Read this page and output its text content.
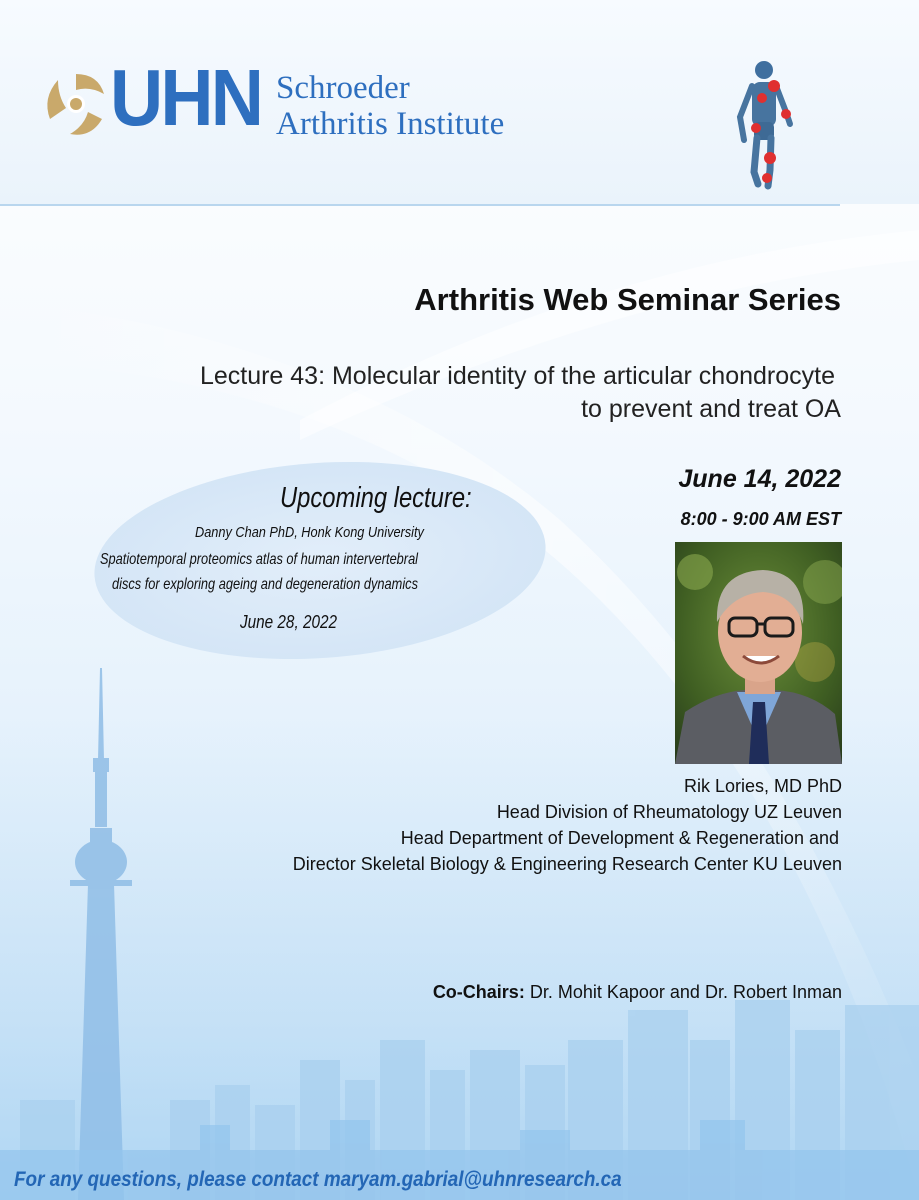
UHN Schroeder
Arthritis Institute
Arthritis Web Seminar Series
Lecture 43: Molecular identity of the articular chondrocyte
to prevent and treat OA
June 14, 2022
8:00 - 9:00 AM EST
Upcoming lecture:
Danny Chan PhD, Honk Kong University
Spatiotemporal proteomics atlas of human intervertebral
discs for exploring ageing and degeneration dynamics
June 28, 2022
Rik Lories, MD PhD
Head Division of Rheumatology UZ Leuven
Head Department of Development & Regeneration and
Director Skeletal Biology & Engineering Research Center KU Leuven
Co-Chairs: Dr. Mohit Kapoor and Dr. Robert Inman
For any questions, please contact maryam.gabrial@uhnresearch.ca
